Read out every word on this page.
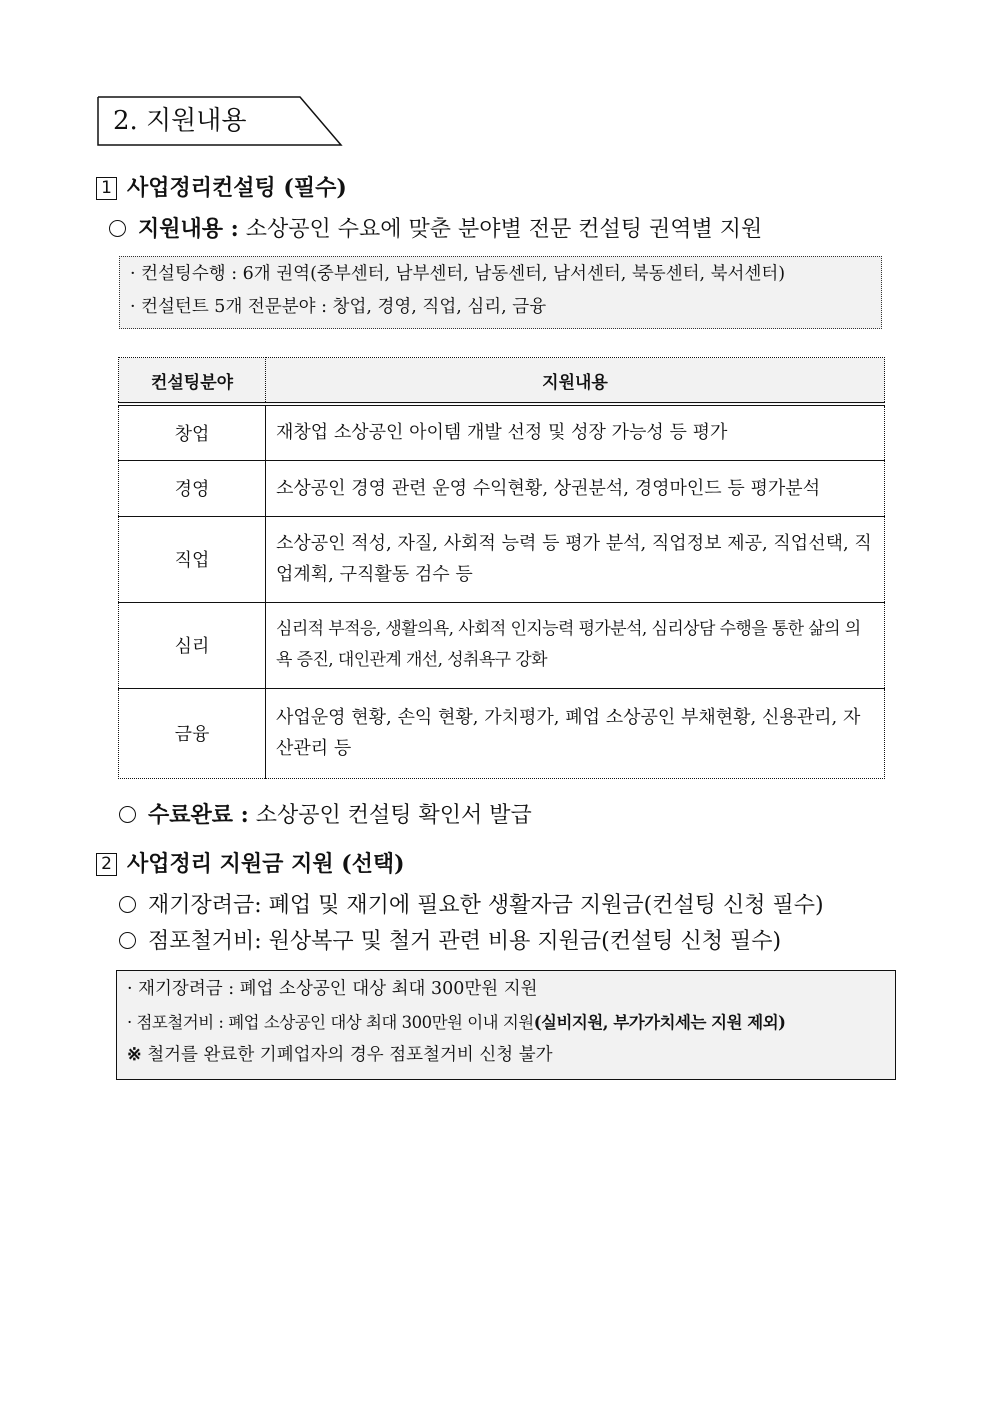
2. 지원내용
1 사업정리컨설팅 (필수)
지원내용 : 소상공인 수요에 맞춘 분야별 전문 컨설팅 권역별 지원
· 컨설팅수행 : 6개 권역(중부센터, 남부센터, 남동센터, 남서센터, 북동센터, 북서센터)
· 컨설턴트 5개 전문분야 : 창업, 경영, 직업, 심리, 금융
컨설팅분야	지원내용
창업	재창업 소상공인 아이템 개발 선정 및 성장 가능성 등 평가
경영	소상공인 경영 관련 운영 수익현황, 상권분석, 경영마인드 등 평가분석
직업	소상공인 적성, 자질, 사회적 능력 등 평가 분석, 직업정보 제공, 직업선택, 직업계획, 구직활동 검수 등
심리	심리적 부적응, 생활의욕, 사회적 인지능력 평가분석, 심리상담 수행을 통한 삶의 의욕 증진, 대인관계 개선, 성취욕구 강화
금융	사업운영 현황, 손익 현황, 가치평가, 폐업 소상공인 부채현황, 신용관리, 자산관리 등
수료완료 : 소상공인 컨설팅 확인서 발급
2 사업정리 지원금 지원 (선택)
재기장려금: 폐업 및 재기에 필요한 생활자금 지원금(컨설팅 신청 필수)
점포철거비: 원상복구 및 철거 관련 비용 지원금(컨설팅 신청 필수)
· 재기장려금 : 폐업 소상공인 대상 최대 300만원 지원
· 점포철거비 : 폐업 소상공인 대상 최대 300만원 이내 지원(실비지원, 부가가치세는 지원 제외)
※ 철거를 완료한 기폐업자의 경우 점포철거비 신청 불가
